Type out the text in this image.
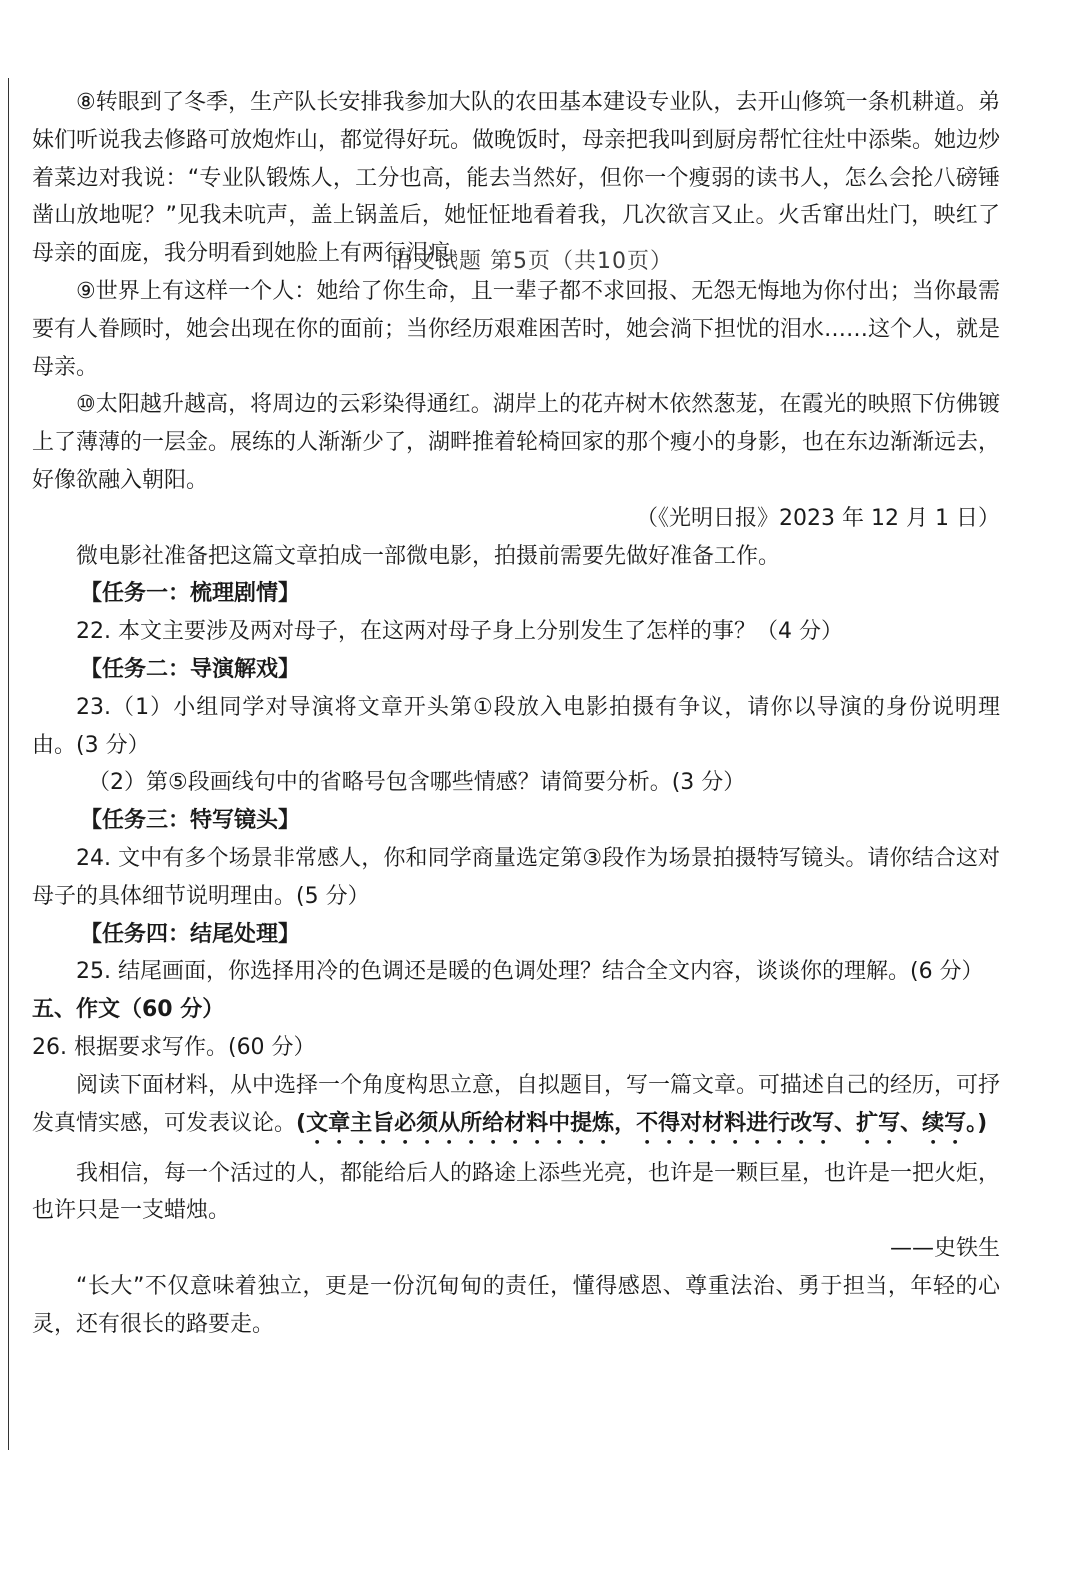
语文试题 第5页（共10页）

⑧转眼到了冬季，生产队长安排我参加大队的农田基本建设专业队，去开山修筑一条机耕道。弟妹们听说我去修路可放炮炸山，都觉得好玩。做晚饭时，母亲把我叫到厨房帮忙往灶中添柴。她边炒着菜边对我说：“专业队锻炼人，工分也高，能去当然好，但你一个瘦弱的读书人，怎么会抡八磅锤凿山放地呢？”见我未吭声，盖上锅盖后，她怔怔地看着我，几次欲言又止。火舌窜出灶门，映红了母亲的面庞，我分明看到她脸上有两行泪痕。

⑨世界上有这样一个人：她给了你生命，且一辈子都不求回报、无怨无悔地为你付出；当你最需要有人眷顾时，她会出现在你的面前；当你经历艰难困苦时，她会淌下担忧的泪水……这个人，就是母亲。

⑩太阳越升越高，将周边的云彩染得通红。湖岸上的花卉树木依然葱茏，在霞光的映照下仿佛镀上了薄薄的一层金。展练的人渐渐少了，湖畔推着轮椅回家的那个瘦小的身影，也在东边渐渐远去，好像欲融入朝阳。

（《光明日报》2023 年 12 月 1 日）

微电影社准备把这篇文章拍成一部微电影，拍摄前需要先做好准备工作。

【任务一：梳理剧情】

22. 本文主要涉及两对母子，在这两对母子身上分别发生了怎样的事？（4 分）

【任务二：导演解戏】

23.（1）小组同学对导演将文章开头第①段放入电影拍摄有争议，请你以导演的身份说明理由。(3 分）

（2）第⑤段画线句中的省略号包含哪些情感？请简要分析。(3 分）

【任务三：特写镜头】

24. 文中有多个场景非常感人，你和同学商量选定第③段作为场景拍摄特写镜头。请你结合这对母子的具体细节说明理由。(5 分）

【任务四：结尾处理】

25. 结尾画面，你选择用冷的色调还是暖的色调处理？结合全文内容，谈谈你的理解。(6 分）

五、作文（60 分）

26. 根据要求写作。(60 分）

阅读下面材料，从中选择一个角度构思立意，自拟题目，写一篇文章。可描述自己的经历，可抒发真情实感，可发表议论。(文章主旨必须从所给材料中提炼，不得对材料进行改写、扩写、续写。)

我相信，每一个活过的人，都能给后人的路途上添些光亮，也许是一颗巨星，也许是一把火炬，也许只是一支蜡烛。

——史铁生

“长大”不仅意味着独立，更是一份沉甸甸的责任，懂得感恩、尊重法治、勇于担当，年轻的心灵，还有很长的路要走。
